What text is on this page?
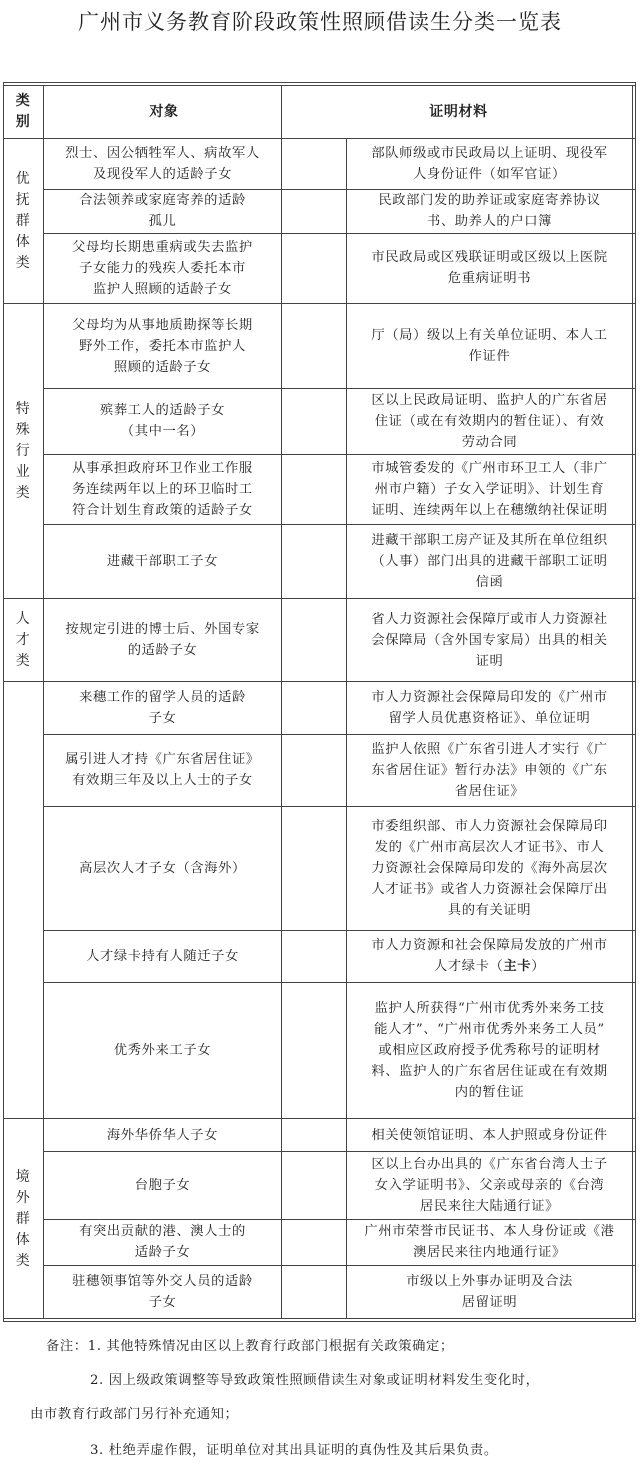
广州市义务教育阶段政策性照顾借读生分类一览表
类
别
对象	证明材料
优
抚
群
体
类
烈士、因公牺牲军人、病故军人
及现役军人的适龄子女
部队师级或市民政局以上证明、现役军
人身份证件（如军官证）
合法领养或家庭寄养的适龄
孤儿
民政部门发的助养证或家庭寄养协议
书、助养人的户口簿
父母均长期患重病或失去监护
子女能力的残疾人委托本市
监护人照顾的适龄子女
市民政局或区残联证明或区级以上医院
危重病证明书
特
殊
行
业
类
父母均为从事地质勘探等长期
野外工作，委托本市监护人
照顾的适龄子女
厅（局）级以上有关单位证明、本人工
作证件
殡葬工人的适龄子女
（其中一名）
区以上民政局证明、监护人的广东省居
住证（或在有效期内的暂住证）、有效
劳动合同
从事承担政府环卫作业工作服
务连续两年以上的环卫临时工
符合计划生育政策的适龄子女
市城管委发的《广州市环卫工人（非广
州市户籍）子女入学证明》、计划生育
证明、连续两年以上在穗缴纳社保证明
进藏干部职工子女
进藏干部职工房产证及其所在单位组织
（人事）部门出具的进藏干部职工证明
信函
人
才
类
按规定引进的博士后、外国专家
的适龄子女
省人力资源社会保障厅或市人力资源社
会保障局（含外国专家局）出具的相关
证明
来穗工作的留学人员的适龄
子女
市人力资源社会保障局印发的《广州市
留学人员优惠资格证》、单位证明
属引进人才持《广东省居住证》
有效期三年及以上人士的子女
监护人依照《广东省引进人才实行《广
东省居住证》暂行办法》申领的《广东
省居住证》
高层次人才子女（含海外）
市委组织部、市人力资源社会保障局印
发的《广州市高层次人才证书》、市人
力资源社会保障局印发的《海外高层次
人才证书》或省人力资源社会保障厅出
具的有关证明
人才绿卡持有人随迁子女
市人力资源和社会保障局发放的广州市
人才绿卡（主卡）
优秀外来工子女
监护人所获得“广州市优秀外来务工技
能人才”、“广州市优秀外来务工人员”
或相应区政府授予优秀称号的证明材
料、监护人的广东省居住证或在有效期
内的暂住证
境
外
群
体
类
海外华侨华人子女	相关使领馆证明、本人护照或身份证件
台胞子女
区以上台办出具的《广东省台湾人士子
女入学证明书》、父亲或母亲的《台湾
居民来往大陆通行证》
有突出贡献的港、澳人士的
适龄子女
广州市荣誉市民证书、本人身份证或《港
澳居民来往内地通行证》
驻穗领事馆等外交人员的适龄
子女
市级以上外事办证明及合法
居留证明
备注：1. 其他特殊情况由区以上教育行政部门根据有关政策确定；
2. 因上级政策调整等导致政策性照顾借读生对象或证明材料发生变化时，
由市教育行政部门另行补充通知；
3. 杜绝弄虚作假，证明单位对其出具证明的真伪性及其后果负责。
